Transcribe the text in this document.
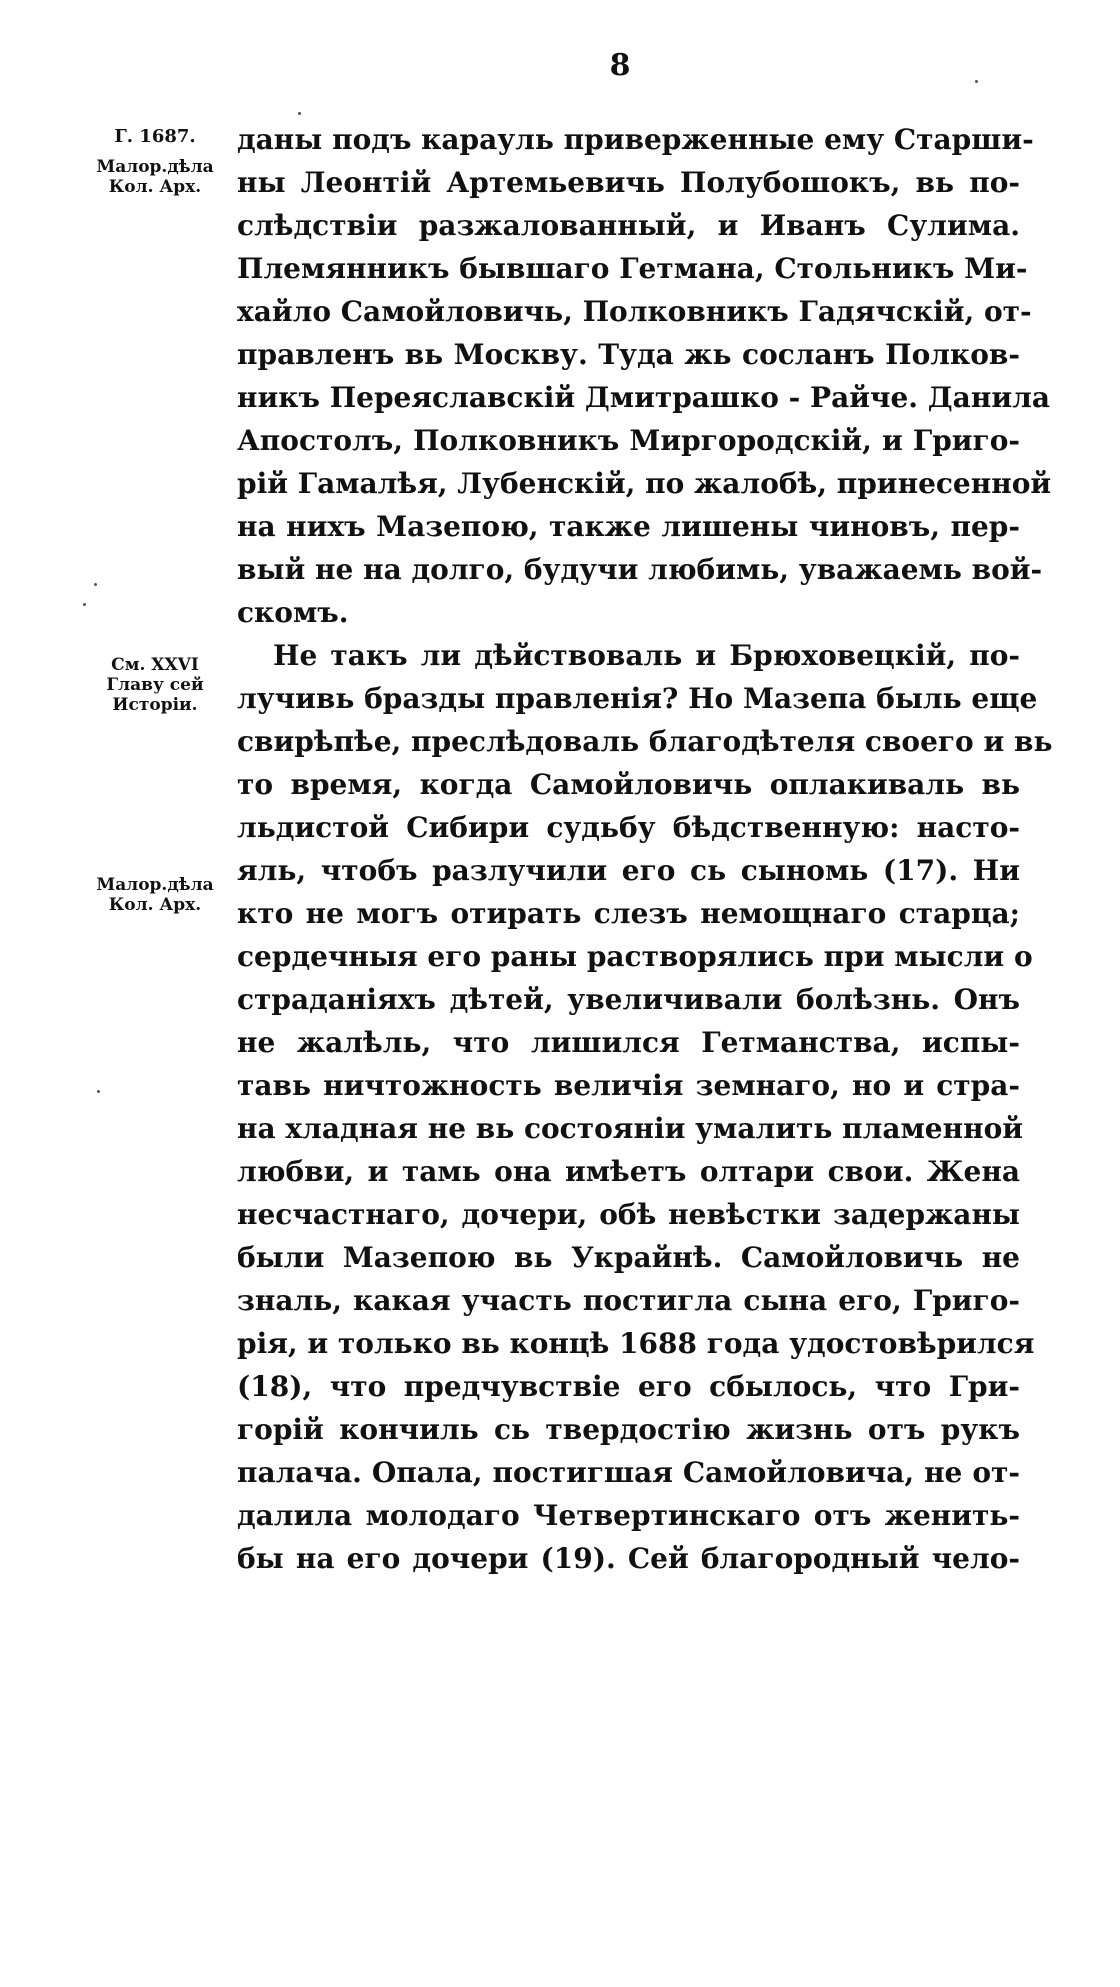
8
Г. 1687.
Малор.дѣла
Кол. Арх.
См. XXVI
Главу сей
Исторіи.
Малор.дѣла
Кол. Арх.
даны подъ карауль приверженные ему Старши-
ны Леонтій Артемьевичь Полубошокъ, вь по-
слѣдствіи разжалованный, и Иванъ Сулима.
Племянникъ бывшаго Гетмана, Стольникъ Ми-
хайло Самойловичь, Полковникъ Гадячскій, от-
правленъ вь Москву. Туда жь сосланъ Полков-
никъ Переяславскій Дмитрашко - Райче. Данила
Апостолъ, Полковникъ Миргородскій, и Григо-
рій Гамалѣя, Лубенскій, по жалобѣ, принесенной
на нихъ Мазепою, также лишены чиновъ, пер-
вый не на долго, будучи любимь, уважаемь вой-
скомъ.
Не такъ ли дѣйствоваль и Брюховецкій, по-
лучивь бразды правленія? Но Мазепа быль еще
свирѣпѣе, преслѣдоваль благодѣтеля своего и вь
то время, когда Самойловичь оплакиваль вь
льдистой Сибири судьбу бѣдственную: насто-
яль, чтобъ разлучили его сь сыномь (17). Ни
кто не могъ отирать слезъ немощнаго старца;
сердечныя его раны растворялись при мысли о
страданіяхъ дѣтей, увеличивали болѣзнь. Онъ
не жалѣль, что лишился Гетманства, испы-
тавь ничтожность величія земнаго, но и стра-
на хладная не вь состояніи умалить пламенной
любви, и тамь она имѣетъ олтари свои. Жена
несчастнаго, дочери, обѣ невѣстки задержаны
были Мазепою вь Украйнѣ. Самойловичь не
зналь, какая участь постигла сына его, Григо-
рія, и только вь концѣ 1688 года удостовѣрился
(18), что предчувствіе его сбылось, что Гри-
горій кончиль сь твердостію жизнь отъ рукъ
палача. Опала, постигшая Самойловича, не от-
далила молодаго Четвертинскаго отъ женить-
бы на его дочери (19). Сей благородный чело-
